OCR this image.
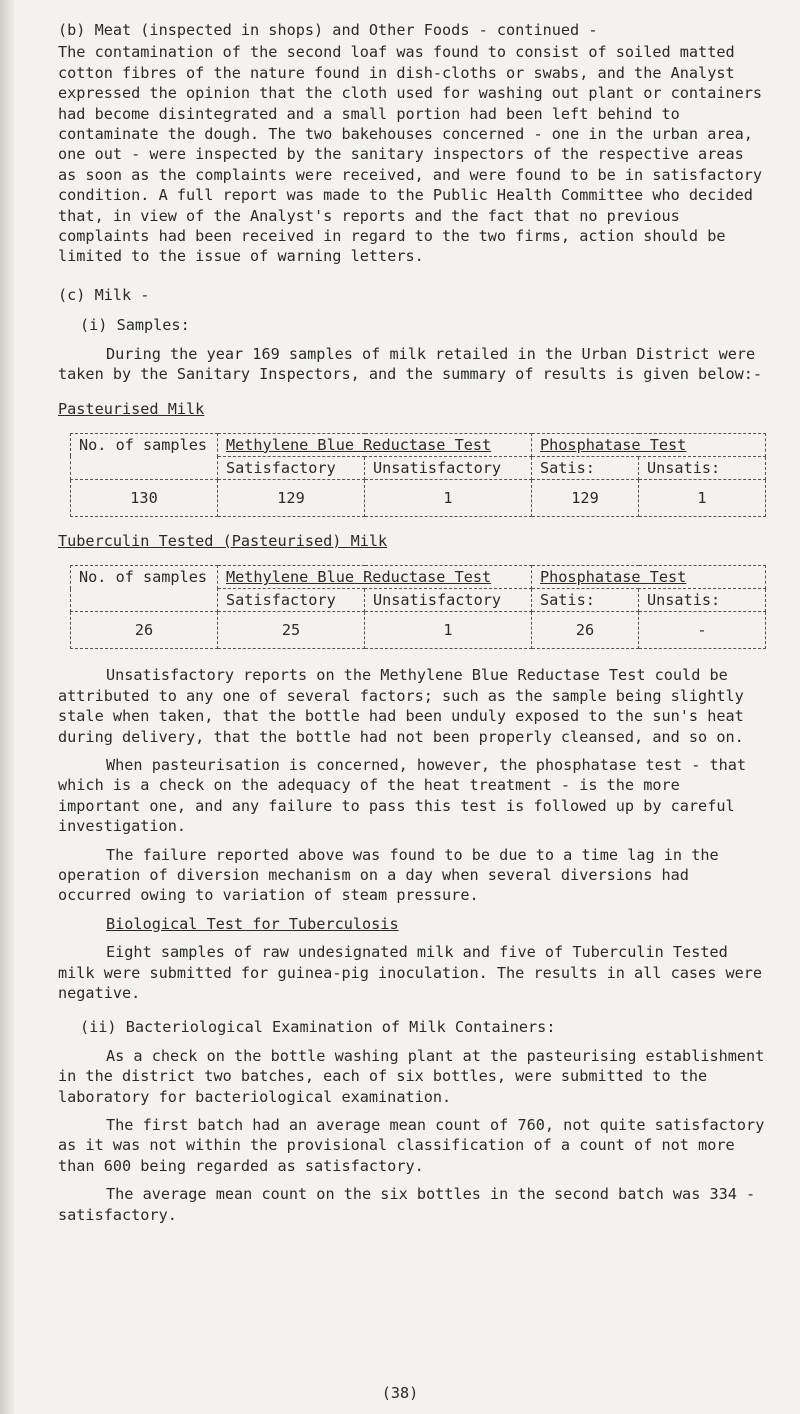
(b) Meat (inspected in shops) and Other Foods - continued -

The contamination of the second loaf was found to consist of soiled matted cotton fibres of the nature found in dish-cloths or swabs, and the Analyst expressed the opinion that the cloth used for washing out plant or containers had become disintegrated and a small portion had been left behind to contaminate the dough. The two bakehouses concerned - one in the urban area, one out - were inspected by the sanitary inspectors of the respective areas as soon as the complaints were received, and were found to be in satisfactory condition. A full report was made to the Public Health Committee who decided that, in view of the Analyst's reports and the fact that no previous complaints had been received in regard to the two firms, action should be limited to the issue of warning letters.

(c) Milk -

(i) Samples:

During the year 169 samples of milk retailed in the Urban District were taken by the Sanitary Inspectors, and the summary of results is given below:-

Pasteurised Milk

No. of samples	Methylene Blue Reductase Test		Phosphatase Test	
	Satisfactory	Unsatisfactory	Satis:	Unsatis:
130	129	1	129	1

Tuberculin Tested (Pasteurised) Milk

No. of samples	Methylene Blue Reductase Test		Phosphatase Test	
	Satisfactory	Unsatisfactory	Satis:	Unsatis:
26	25	1	26	-

Unsatisfactory reports on the Methylene Blue Reductase Test could be attributed to any one of several factors; such as the sample being slightly stale when taken, that the bottle had been unduly exposed to the sun's heat during delivery, that the bottle had not been properly cleansed, and so on.

When pasteurisation is concerned, however, the phosphatase test - that which is a check on the adequacy of the heat treatment - is the more important one, and any failure to pass this test is followed up by careful investigation.

The failure reported above was found to be due to a time lag in the operation of diversion mechanism on a day when several diversions had occurred owing to variation of steam pressure.

Biological Test for Tuberculosis

Eight samples of raw undesignated milk and five of Tuberculin Tested milk were submitted for guinea-pig inoculation. The results in all cases were negative.

(ii) Bacteriological Examination of Milk Containers:

As a check on the bottle washing plant at the pasteurising establishment in the district two batches, each of six bottles, were submitted to the laboratory for bacteriological examination.

The first batch had an average mean count of 760, not quite satisfactory as it was not within the provisional classification of a count of not more than 600 being regarded as satisfactory.

The average mean count on the six bottles in the second batch was 334 - satisfactory.

(38)
